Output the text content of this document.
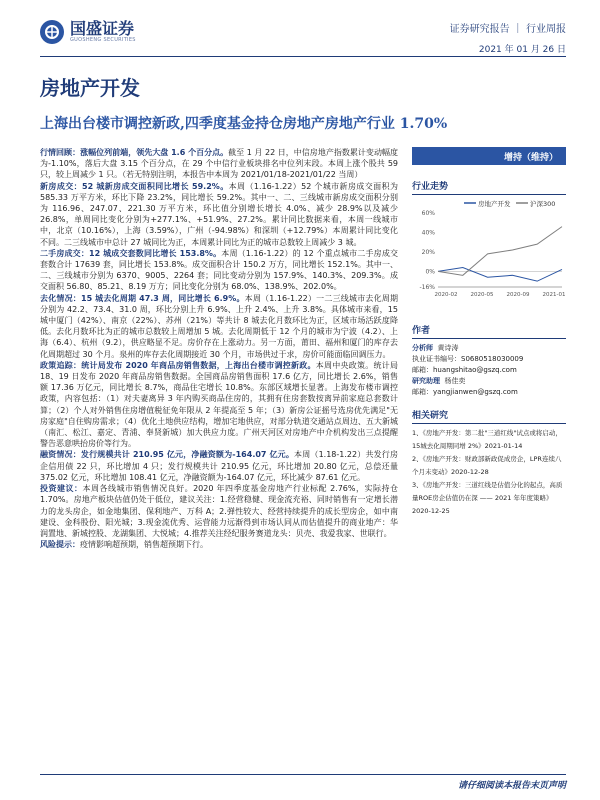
国盛证券
GUOSHENG SECURITIES
证券研究报告 ｜ 行业周报
2021 年 01 月 26 日
房地产开发
上海出台楼市调控新政,四季度基金持仓房地产房地产行业 1.70%

行情回顾：涨幅位列前端，领先大盘 1.6 个百分点。截至 1 月 22 日，中信房地产指数累计变动幅度为-1.10%，落后大盘 3.15 个百分点，在 29 个中信行业板块排名中位列末段。本周上涨个股共 59 只，较上周减少 1 只。（若无特别注明，本报告中本周为 2021/01/18-2021/01/22 当周）

新房成交：52 城新房成交面积同比增长 59.2%。本周（1.16-1.22）52 个城市新房成交面积为 585.33 万平方米，环比下降 23.2%，同比增长 59.2%。其中一、二、三线城市新房成交面积分别为 116.96、247.07、221.30 万平方米，环比值分别增长增长 4.0%、减少 28.9%以及减少 26.8%，单周同比变化分别为+277.1%、+51.9%、27.2%。累计同比数据来看，本周一线城市中，北京（10.16%），上海（3.59%），广州（-94.98%）和深圳（+12.79%）本周累计同比变化不同。二三线城市中总计 27 城同比为正，本周累计同比为正的城市总数较上周减少 3 城。

二手房成交：12 城成交套数同比增长 153.8%。本周（1.16-1.22）的 12 个重点城市二手房成交套数合计 17639 套，同比增长 153.8%。成交面积合计 150.2 万方，同比增长 152.1%。其中一、二、三线城市分别为 6370、9005、2264 套；同比变动分别为 157.9%、140.3%、209.3%。成交面积 56.80、85.21、8.19 万方；同比变化分别为 68.0%、138.9%、202.0%。

去化情况：15 城去化周期 47.3 周，同比增长 6.9%。本周（1.16-1.22）一二三线城市去化周期分别为 42.2、73.4、31.0 周，环比分别上升 6.9%、上升 2.4%、上升 3.8%。具体城市来看，15 城中厦门（42%）、南京（22%）、苏州（21%）等共计 8 城去化月数环比为正，区域市场活跃度降低。去化月数环比为正的城市总数较上周增加 5 城。去化周期低于 12 个月的城市为宁波（4.2）、上海（6.4）、杭州（9.2），供应略显不足。房价存在上涨动力。另一方面，莆田、福州和厦门的库存去化周期超过 30 个月。泉州的库存去化周期接近 30 个月，市场供过于求，房价可能面临回调压力。

政策追踪：统计局发布 2020 年商品房销售数据，上海出台楼市调控新政。本周中央政策。统计局 18、19 日发布 2020 年商品房销售数据。全国商品房销售面积 17.6 亿方，同比增长 2.6%，销售额 17.36 万亿元，同比增长 8.7%，商品住宅增长 10.8%。东部区域增长显著。上海发布楼市调控政策，内容包括：（1）对夫妻离异 3 年内购买商品住房的，其拥有住房套数按离异前家庭总套数计算；（2）个人对外销售住房增值税征免年限从 2 年提高至 5 年；（3）新房公证摇号选房优先满足"无房家庭"自住购房需求；（4）优化土地供应结构，增加宅地供应，对部分轨道交通站点周边、五大新城（南汇、松江、嘉定、青浦、奉贤新城）加大供应力度。广州天河区对房地产中介机构发出三点提醒警告恶意哄抬房价等行为。

融资情况：发行规模共计 210.95 亿元，净融资额为-164.07 亿元。本周（1.18-1.22）共发行房企信用债 22 只，环比增加 4 只；发行规模共计 210.95 亿元，环比增加 20.80 亿元，总偿还量 375.02 亿元，环比增加 108.41 亿元，净融资额为-164.07 亿元，环比减少 87.61 亿元。

投资建议：本周各线城市销售情况良好。2020 年四季度基金房地产行业标配 2.76%，实际持仓 1.70%。房地产板块估值仍处于低位，建议关注：1.经营稳健、现金流充裕、同时销售有一定增长潜力的龙头房企，如金地集团、保利地产、万科 A；2.弹性较大、经营持续提升的成长型房企，如中南建设、金科股份、阳光城；3.现金流优秀、运营能力远渐得到市场认同从而估值提升的商业地产：华润置地、新城控股、龙湖集团、大悦城；4.推荐关注经纪服务赛道龙头：贝壳、我爱我家、世联行。

风险提示：疫情影响超预期，销售超预期下行。

增持（维持）
行业走势
房地产开发	沪深300
60%
40%
20%
0%
-16%
2020-02 2020-05 2020-09 2021-01
作者
分析师 黄诗涛
执业证书编号：S0680518030009
邮箱：huangshitao@gszq.com
研究助理 杨佳奕
邮箱：yangjianwen@gszq.com
相关研究
1、《房地产开发：第二批"三道红线"试点或将启动，15城去化周期同增 2%》2021-01-14
2、《房地产开发：财政部新政促成房企，LPR连续八个月未变动》2020-12-28
3、《房地产开发：三道红线是估值分化的起点，高质量ROE房企估值仍在深 —— 2021 年年度策略》2020-12-25
请仔细阅读本报告末页声明
